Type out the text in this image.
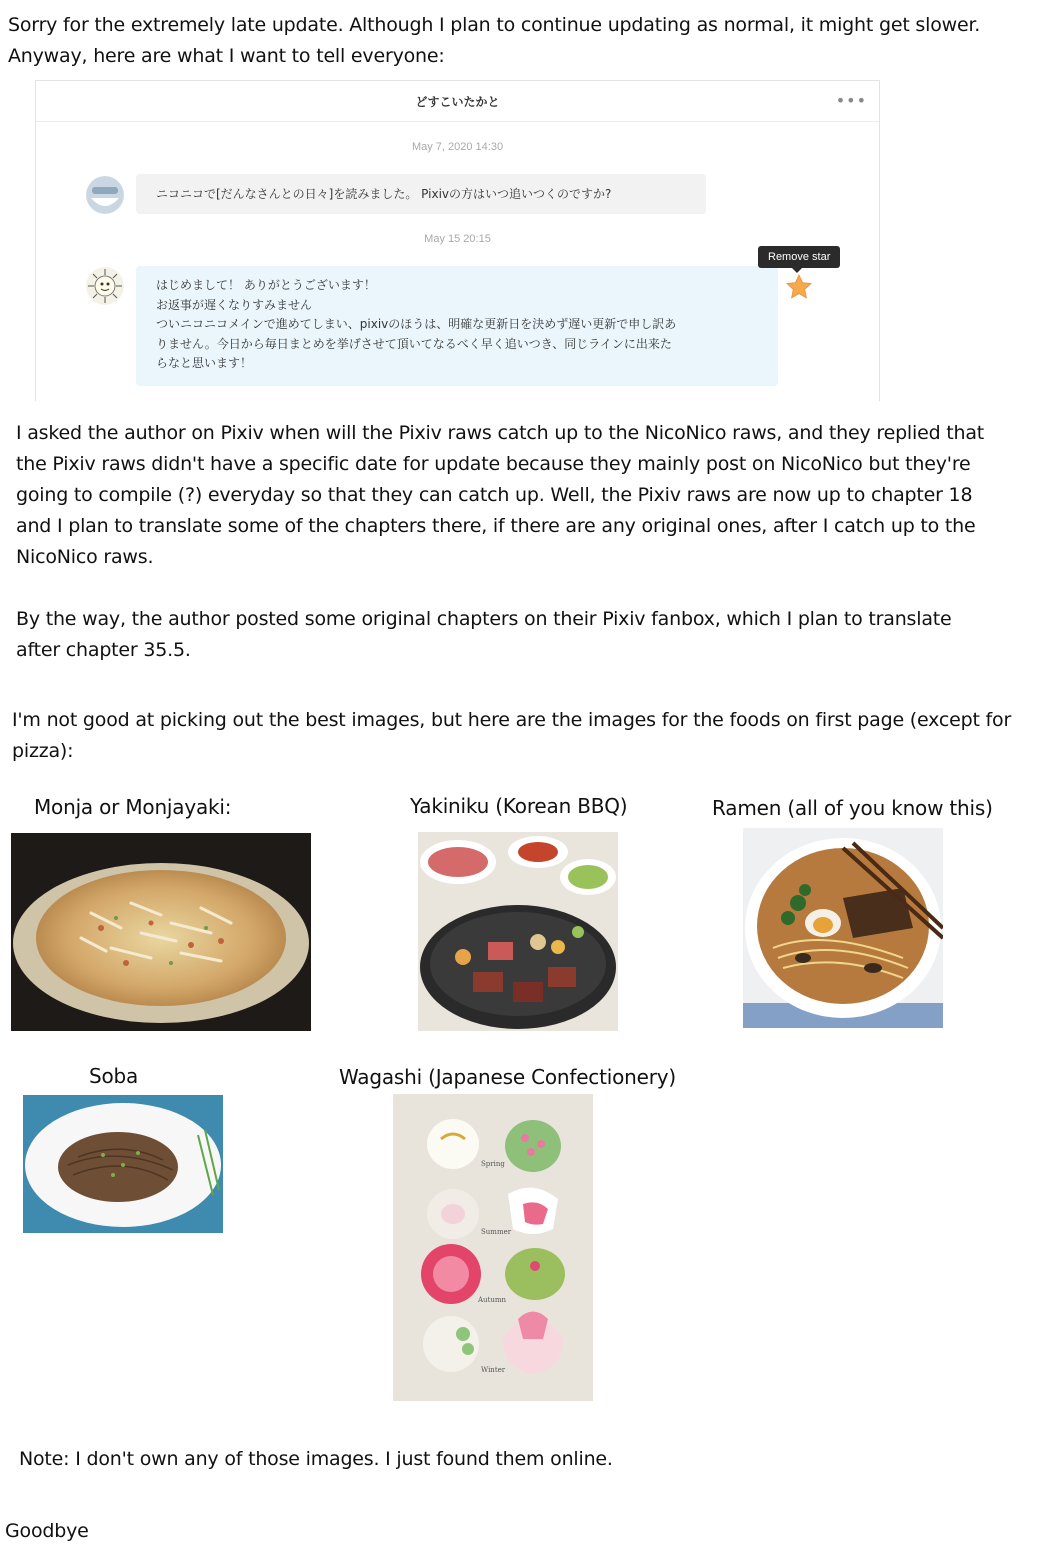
Sorry for the extremely late update. Although I plan to continue updating as normal, it might get slower.
Anyway, here are what I want to tell everyone:
どすこいたかと	•••
May 7, 2020 14:30
ニコニコで[だんなさんとの日々]を読みました。 Pixivの方はいつ追いつくのですか?
May 15 20:15
はじめまして！ ありがとうございます！
お返事が遅くなりすみません
ついニコニコメインで進めてしまい、pixivのほうは、明確な更新日を決めず遅い更新で申し訳あ
りません。今日から毎日まとめを挙げさせて頂いてなるべく早く追いつき、同じラインに出来た
らなと思います！
Remove star
I asked the author on Pixiv when will the Pixiv raws catch up to the NicoNico raws, and they replied that
the Pixiv raws didn't have a specific date for update because they mainly post on NicoNico but they're
going to compile (?) everyday so that they can catch up. Well, the Pixiv raws are now up to chapter 18
and I plan to translate some of the chapters there, if there are any original ones, after I catch up to the
NicoNico raws.
By the way, the author posted some original chapters on their Pixiv fanbox, which I plan to translate
after chapter 35.5.
I'm not good at picking out the best images, but here are the images for the foods on first page (except for
pizza):
Monja or Monjayaki:	Yakiniku (Korean BBQ)	Ramen (all of you know this)
Soba	Wagashi (Japanese Confectionery)
Spring
Summer
Autumn
Winter
Note: I don't own any of those images. I just found them online.
Goodbye
